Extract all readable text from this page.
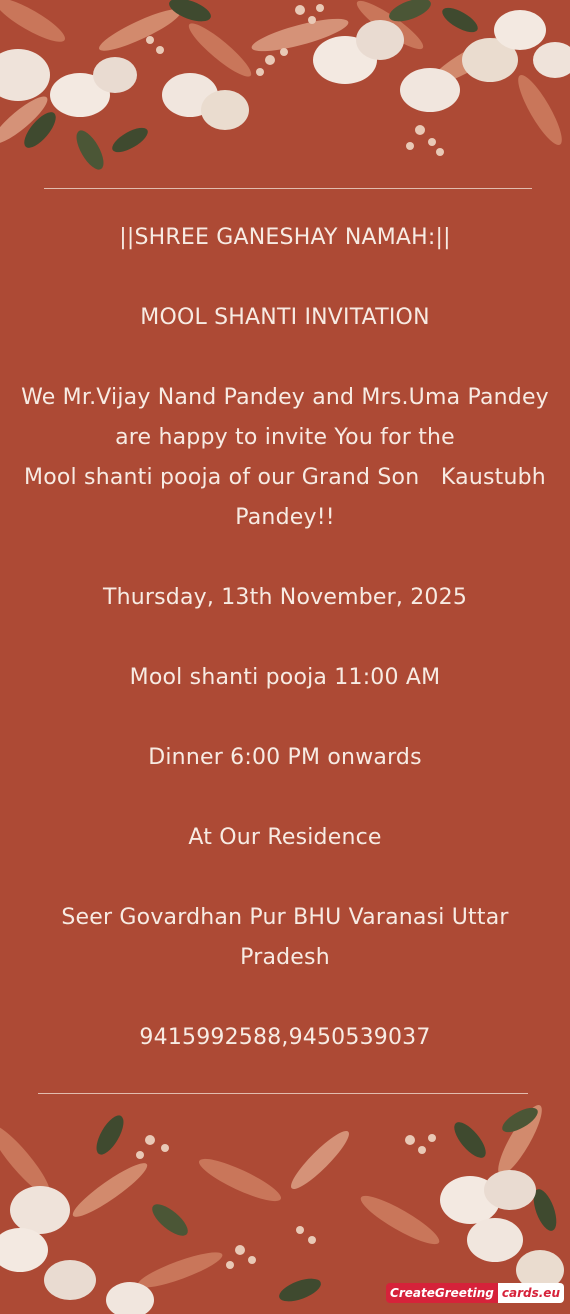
||SHREE GANESHAY NAMAH:||
MOOL SHANTI INVITATION
We Mr.Vijay Nand Pandey and Mrs.Uma Pandey
are happy to invite You for the
Mool shanti pooja of our Grand Son   Kaustubh
Pandey!!
Thursday, 13th November, 2025
Mool shanti pooja 11:00 AM
Dinner 6:00 PM onwards
At Our Residence
Seer Govardhan Pur BHU Varanasi Uttar
Pradesh
9415992588,9450539037
CreateGreeting cards.eu
